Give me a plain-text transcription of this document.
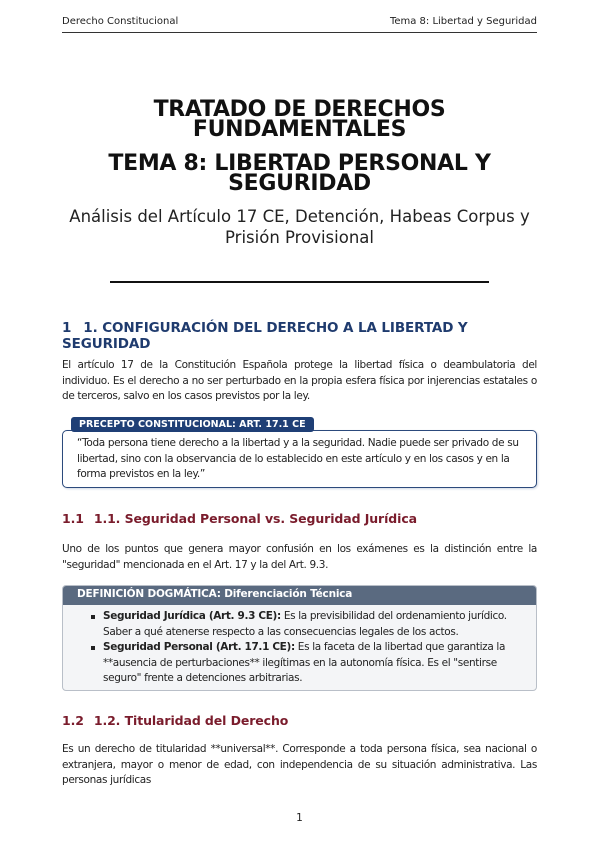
Derecho Constitucional	Tema 8: Libertad y Seguridad
TRATADO DE DERECHOS FUNDAMENTALES
TEMA 8: LIBERTAD PERSONAL Y SEGURIDAD

Análisis del Artículo 17 CE, Detención, Habeas Corpus y Prisión Provisional

1 1. CONFIGURACIÓN DEL DERECHO A LA LIBERTAD Y SEGURIDAD
El artículo 17 de la Constitución Española protege la libertad física o deambulatoria del individuo. Es el derecho a no ser perturbado en la propia esfera física por injerencias estatales o de terceros, salvo en los casos previstos por la ley.
PRECEPTO CONSTITUCIONAL: ART. 17.1 CE
“Toda persona tiene derecho a la libertad y a la seguridad. Nadie puede ser privado de su libertad, sino con la observancia de lo establecido en este artículo y en los casos y en la forma previstos en la ley.”
1.1 1.1. Seguridad Personal vs. Seguridad Jurídica
Uno de los puntos que genera mayor confusión en los exámenes es la distinción entre la "seguridad" mencionada en el Art. 17 y la del Art. 9.3.
DEFINICIÓN DOGMÁTICA: Diferenciación Técnica
Seguridad Jurídica (Art. 9.3 CE): Es la previsibilidad del ordenamiento jurídico. Saber a qué atenerse respecto a las consecuencias legales de los actos.
Seguridad Personal (Art. 17.1 CE): Es la faceta de la libertad que garantiza la **ausencia de perturbaciones** ilegítimas en la autonomía física. Es el "sentirse seguro" frente a detenciones arbitrarias.
1.2 1.2. Titularidad del Derecho
Es un derecho de titularidad **universal**. Corresponde a toda persona física, sea nacional o extranjera, mayor o menor de edad, con independencia de su situación administrativa. Las personas jurídicas
1
